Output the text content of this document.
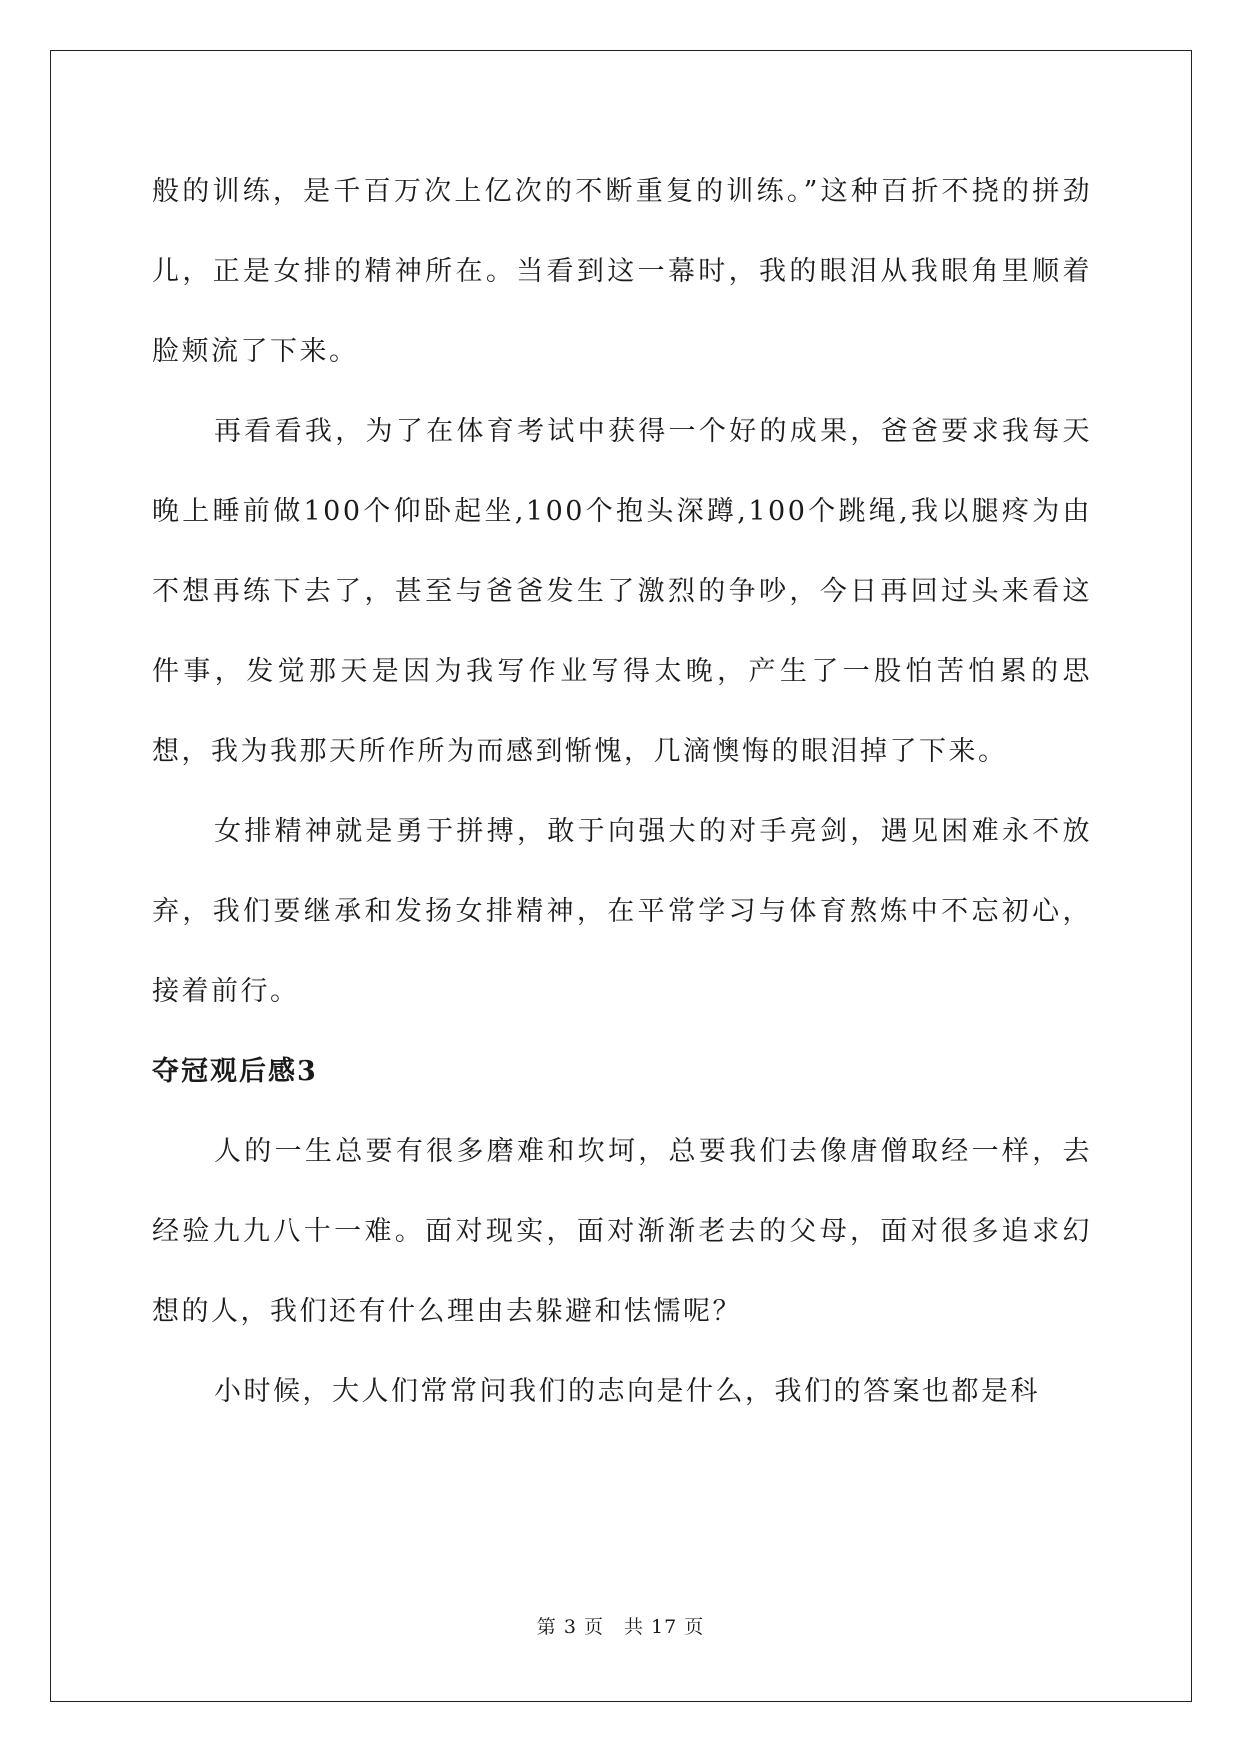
般的训练，是千百万次上亿次的不断重复的训练。”这种百折不挠的拼劲儿，正是女排的精神所在。当看到这一幕时，我的眼泪从我眼角里顺着脸颊流了下来。

再看看我，为了在体育考试中获得一个好的成果，爸爸要求我每天晚上睡前做100个仰卧起坐,100个抱头深蹲,100个跳绳,我以腿疼为由不想再练下去了，甚至与爸爸发生了激烈的争吵，今日再回过头来看这件事，发觉那天是因为我写作业写得太晚，产生了一股怕苦怕累的思想，我为我那天所作所为而感到惭愧，几滴懊悔的眼泪掉了下来。

女排精神就是勇于拼搏，敢于向强大的对手亮剑，遇见困难永不放弃，我们要继承和发扬女排精神，在平常学习与体育熬炼中不忘初心，接着前行。

夺冠观后感3

人的一生总要有很多磨难和坎坷，总要我们去像唐僧取经一样，去经验九九八十一难。面对现实，面对渐渐老去的父母，面对很多追求幻想的人，我们还有什么理由去躲避和怯懦呢？

小时候，大人们常常问我们的志向是什么，我们的答案也都是科

第 3 页　共 17 页
